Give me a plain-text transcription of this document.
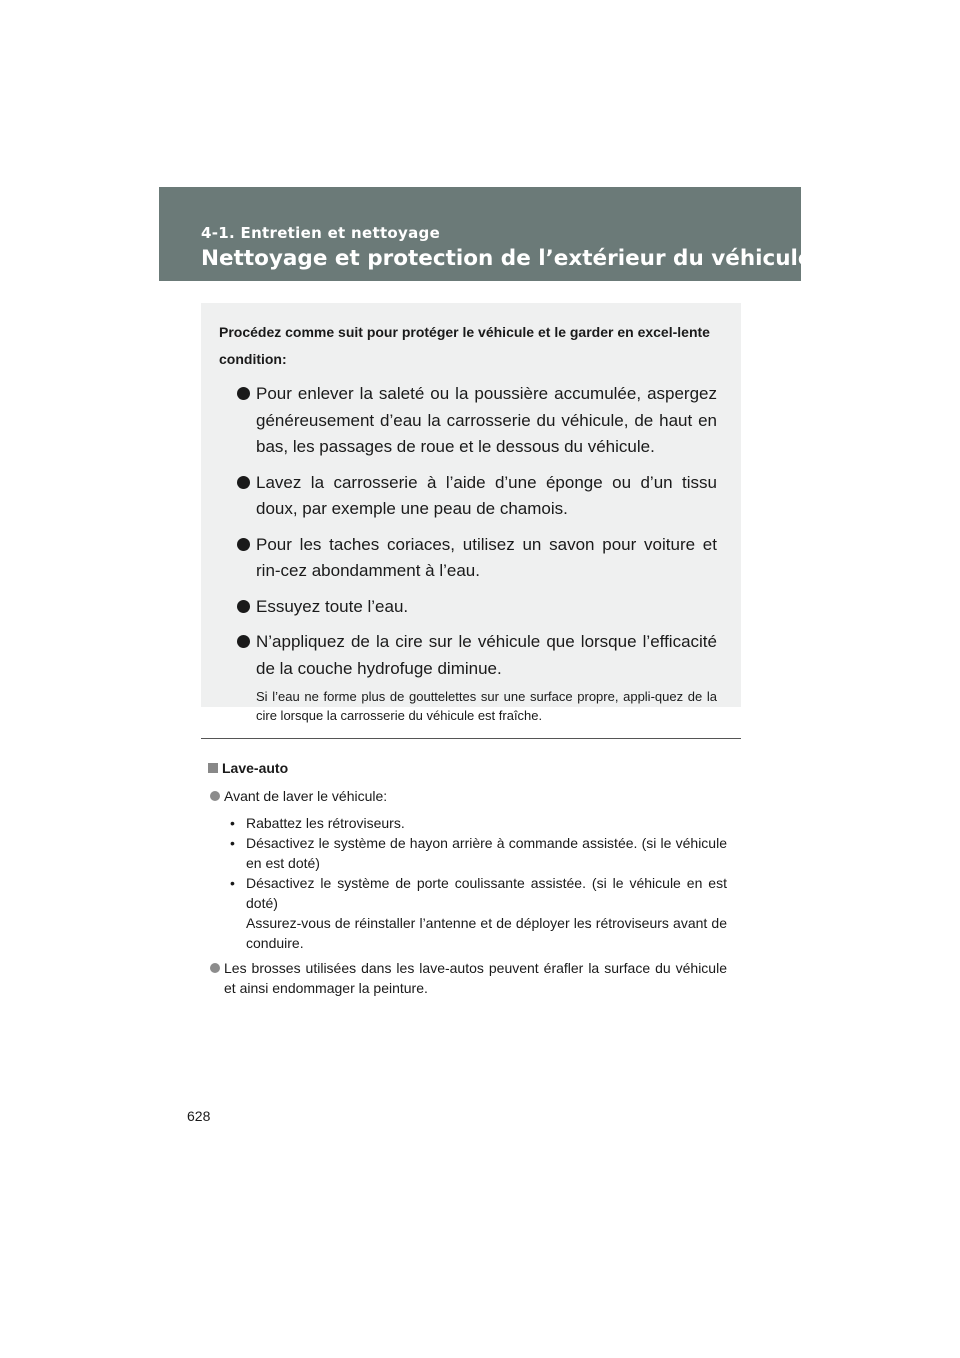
4-1. Entretien et nettoyage
Nettoyage et protection de l’extérieur du véhicule

Procédez comme suit pour protéger le véhicule et le garder en excel-lente condition:

Pour enlever la saleté ou la poussière accumulée, aspergez généreusement d’eau la carrosserie du véhicule, de haut en bas, les passages de roue et le dessous du véhicule.
Lavez la carrosserie à l’aide d’une éponge ou d’un tissu doux, par exemple une peau de chamois.
Pour les taches coriaces, utilisez un savon pour voiture et rin-cez abondamment à l’eau.
Essuyez toute l’eau.
N’appliquez de la cire sur le véhicule que lorsque l’efficacité de la couche hydrofuge diminue.
Si l’eau ne forme plus de gouttelettes sur une surface propre, appli-quez de la cire lorsque la carrosserie du véhicule est fraîche.
Lave-auto
Avant de laver le véhicule:
• Rabattez les rétroviseurs.
• Désactivez le système de hayon arrière à commande assistée. (si le véhicule en est doté)
• Désactivez le système de porte coulissante assistée. (si le véhicule en est doté)
Assurez-vous de réinstaller l’antenne et de déployer les rétroviseurs avant de conduire.
Les brosses utilisées dans les lave-autos peuvent érafler la surface du véhicule et ainsi endommager la peinture.
628
